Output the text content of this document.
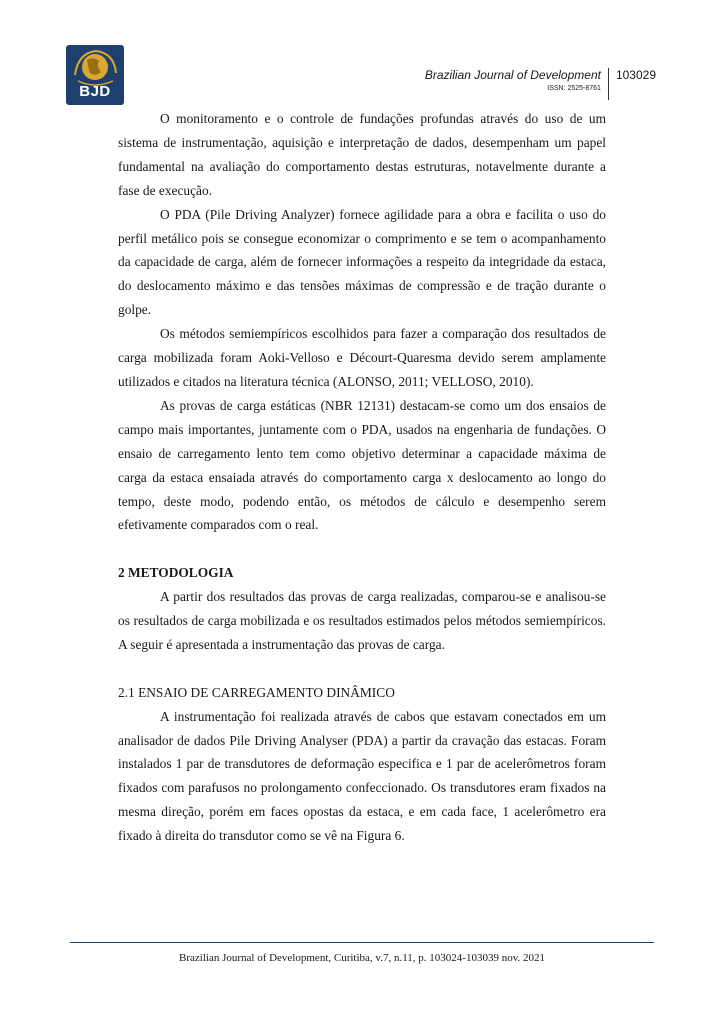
BJD
Brazilian Journal of Development
ISSN: 2525-8761
103029

O monitoramento e o controle de fundações profundas através do uso de um sistema de instrumentação, aquisição e interpretação de dados, desempenham um papel fundamental na avaliação do comportamento destas estruturas, notavelmente durante a fase de execução.

O PDA (Pile Driving Analyzer) fornece agilidade para a obra e facilita o uso do perfil metálico pois se consegue economizar o comprimento e se tem o acompanhamento da capacidade de carga, além de fornecer informações a respeito da integridade da estaca, do deslocamento máximo e das tensões máximas de compressão e de tração durante o golpe.

Os métodos semiempíricos escolhidos para fazer a comparação dos resultados de carga mobilizada foram Aoki-Velloso e Décourt-Quaresma devido serem amplamente utilizados e citados na literatura técnica (ALONSO, 2011; VELLOSO, 2010).

As provas de carga estáticas (NBR 12131) destacam-se como um dos ensaios de campo mais importantes, juntamente com o PDA, usados na engenharia de fundações. O ensaio de carregamento lento tem como objetivo determinar a capacidade máxima de carga da estaca ensaiada através do comportamento carga x deslocamento ao longo do tempo, deste modo, podendo então, os métodos de cálculo e desempenho serem efetivamente comparados com o real.

2 METODOLOGIA

A partir dos resultados das provas de carga realizadas, comparou-se e analisou-se os resultados de carga mobilizada e os resultados estimados pelos métodos semiempíricos. A seguir é apresentada a instrumentação das provas de carga.

2.1 ENSAIO DE CARREGAMENTO DINÂMICO

A instrumentação foi realizada através de cabos que estavam conectados em um analisador de dados Pile Driving Analyser (PDA) a partir da cravação das estacas. Foram instalados 1 par de transdutores de deformação especifica e 1 par de acelerômetros foram fixados com parafusos no prolongamento confeccionado. Os transdutores eram fixados na mesma direção, porém em faces opostas da estaca, e em cada face, 1 acelerômetro era fixado à direita do transdutor como se vê na Figura 6.

Brazilian Journal of Development, Curitiba, v.7, n.11, p. 103024-103039 nov. 2021
